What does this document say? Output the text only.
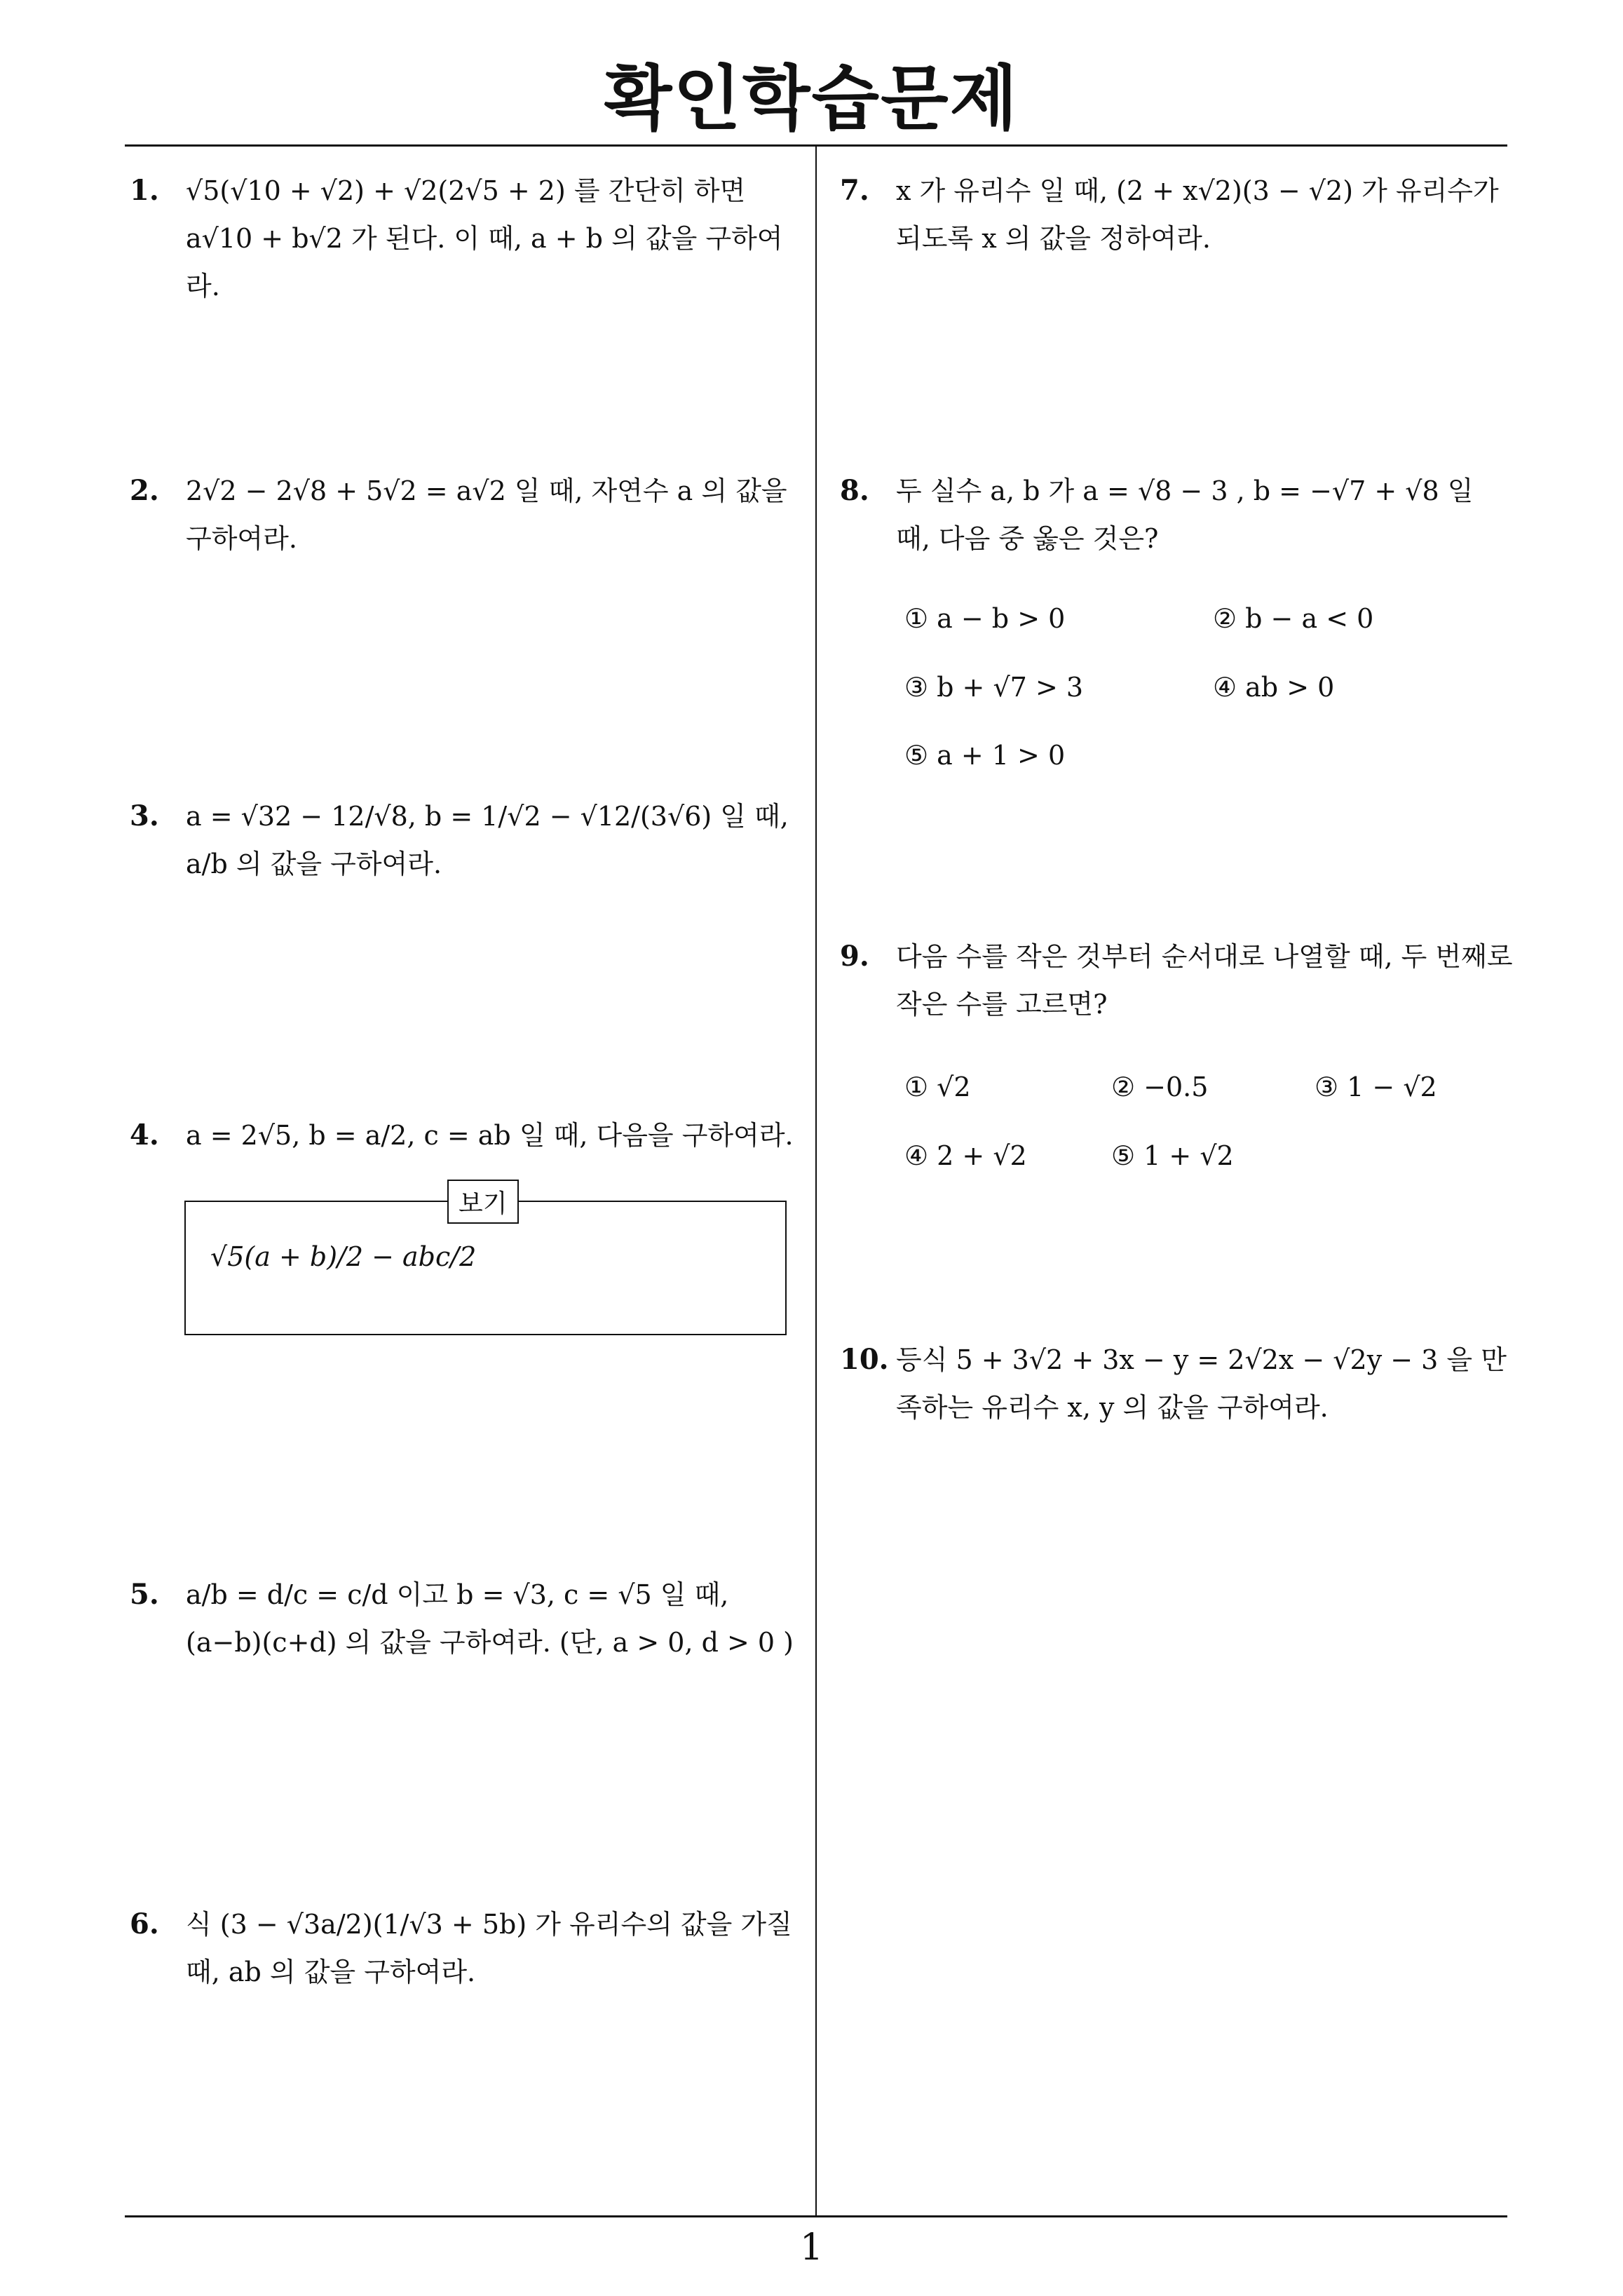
확인학습문제
1. √5(√10 + √2) + √2(2√5 + 2) 를 간단히 하면 a√10 + b√2 가 된다. 이 때, a + b 의 값을 구하여라.
2. 2√2 − 2√8 + 5√2 = a√2 일 때, 자연수 a 의 값을 구하여라.
3. a = √32 − 12/√8, b = 1/√2 − √12/(3√6) 일 때, a/b 의 값을 구하여라.
4. a = 2√5, b = a/2, c = ab 일 때, 다음을 구하여라.
보기
√5(a + b)/2 − abc/2
5. a/b = d/c = c/d 이고 b = √3, c = √5 일 때, (a−b)(c+d) 의 값을 구하여라. (단, a > 0, d > 0 )
6. 식 (3 − √3a/2)(1/√3 + 5b) 가 유리수의 값을 가질 때, ab 의 값을 구하여라.
7. x 가 유리수 일 때, (2 + x√2)(3 − √2) 가 유리수가 되도록 x 의 값을 정하여라.
8. 두 실수 a, b 가 a = √8 − 3 , b = −√7 + √8 일 때, 다음 중 옳은 것은?
① a − b > 0	② b − a < 0
③ b + √7 > 3	④ ab > 0
⑤ a + 1 > 0
9. 다음 수를 작은 것부터 순서대로 나열할 때, 두 번째로 작은 수를 고르면?
① √2	② −0.5	③ 1 − √2
④ 2 + √2	⑤ 1 + √2
10. 등식 5 + 3√2 + 3x − y = 2√2x − √2y − 3 을 만족하는 유리수 x, y 의 값을 구하여라.
1
